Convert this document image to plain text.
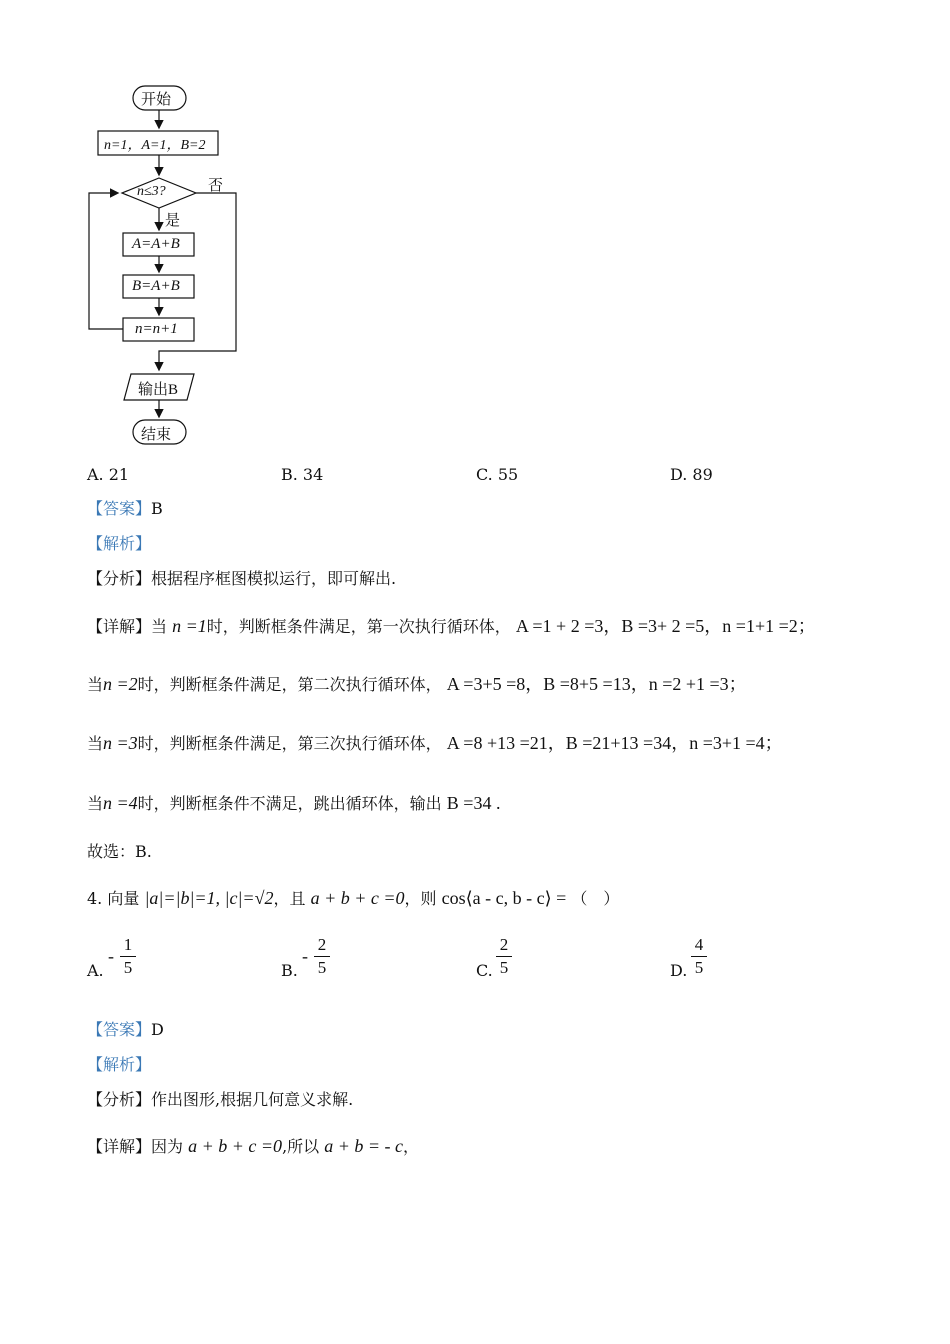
开始
n=1，A=1，B=2
n≤3?
是
否
A=A+B
B=A+B
n=n+1
输出B
结束
A. 21	B. 34	C. 55	D. 89
【答案】B
【解析】
【分析】根据程序框图模拟运行，即可解出.
【详解】当 n =1时，判断框条件满足，第一次执行循环体， A =1 + 2 =3，B =3+ 2 =5，n =1+1 =2；
当n =2时，判断框条件满足，第二次执行循环体， A =3+5 =8，B =8+5 =13，n =2 +1 =3；
当n =3时，判断框条件满足，第三次执行循环体， A =8 +13 =21，B =21+13 =34，n =3+1 =4；
当n =4时，判断框条件不满足，跳出循环体，输出 B =34 .
故选：B.
4. 向量 |a|=|b|=1, |c|=√2，且 a + b + c =0，则 cos⟨a - c, b - c⟩ = （　）
A.
-
1
5	B.
-
2
5	C.
2
5	D.
4
5
【答案】D
【解析】
【分析】作出图形,根据几何意义求解.
【详解】因为 a + b + c =0,所以 a + b = - c，
